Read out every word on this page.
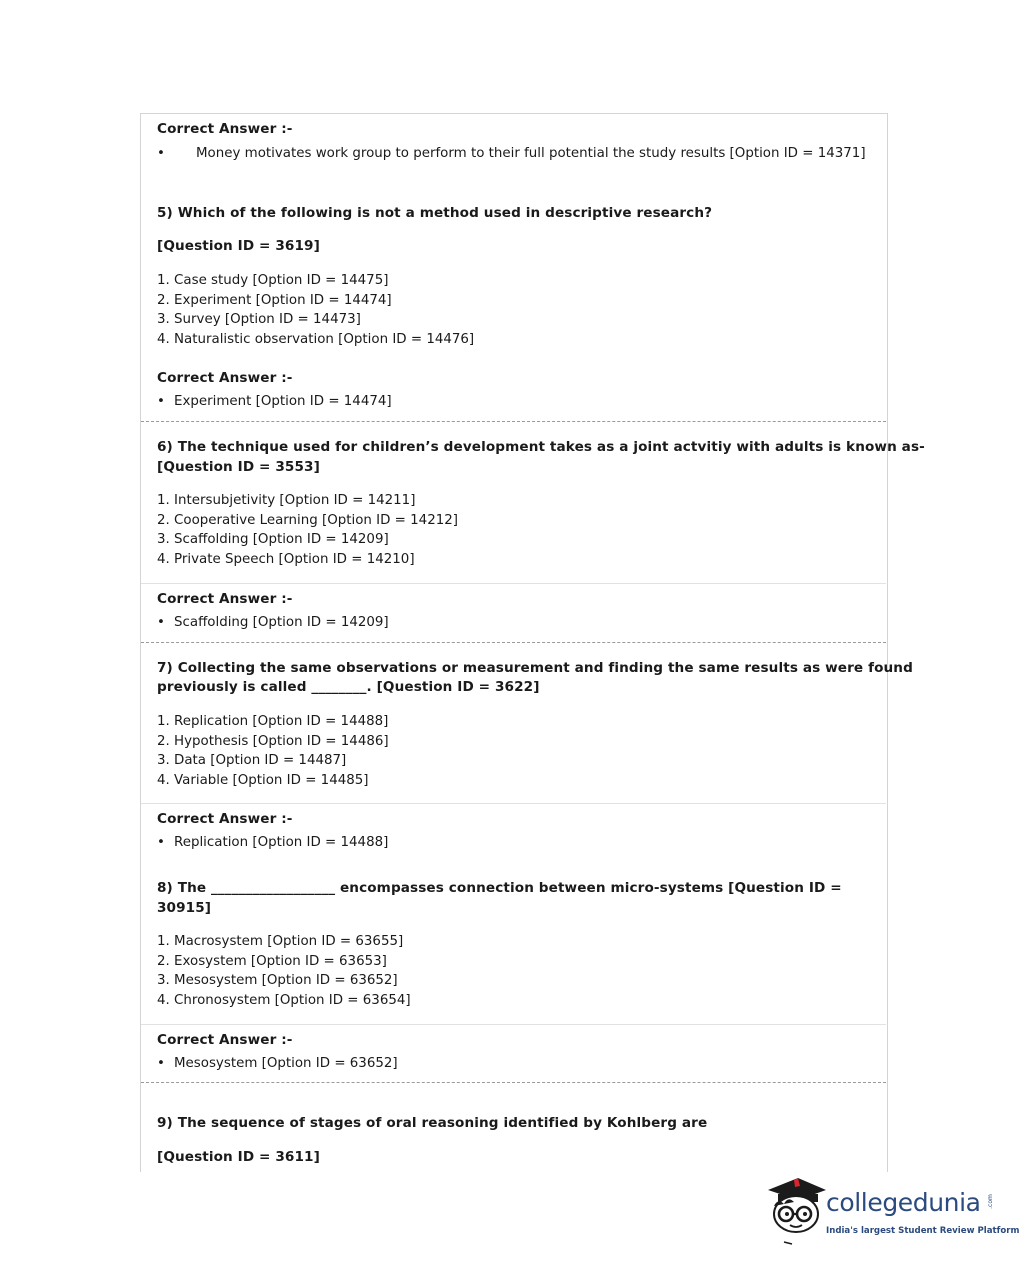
Correct Answer :-
• Money motivates work group to perform to their full potential the study results [Option ID = 14371]
5) Which of the following is not a method used in descriptive research?
[Question ID = 3619]
1. Case study [Option ID = 14475]
2. Experiment [Option ID = 14474]
3. Survey [Option ID = 14473]
4. Naturalistic observation [Option ID = 14476]
Correct Answer :-
• Experiment [Option ID = 14474]
6) The technique used for children’s development takes as a joint actvitiy with adults is known as-
[Question ID = 3553]
1. Intersubjetivity [Option ID = 14211]
2. Cooperative Learning [Option ID = 14212]
3. Scaffolding [Option ID = 14209]
4. Private Speech [Option ID = 14210]
Correct Answer :-
• Scaffolding [Option ID = 14209]
7) Collecting the same observations or measurement and finding the same results as were found
previously is called ________. [Question ID = 3622]
1. Replication [Option ID = 14488]
2. Hypothesis [Option ID = 14486]
3. Data [Option ID = 14487]
4. Variable [Option ID = 14485]
Correct Answer :-
• Replication [Option ID = 14488]
8) The __________________ encompasses connection between micro-systems [Question ID =
30915]
1. Macrosystem [Option ID = 63655]
2. Exosystem [Option ID = 63653]
3. Mesosystem [Option ID = 63652]
4. Chronosystem [Option ID = 63654]
Correct Answer :-
• Mesosystem [Option ID = 63652]
9) The sequence of stages of oral reasoning identified by Kohlberg are
[Question ID = 3611]
collegedunia .com
India's largest Student Review Platform
